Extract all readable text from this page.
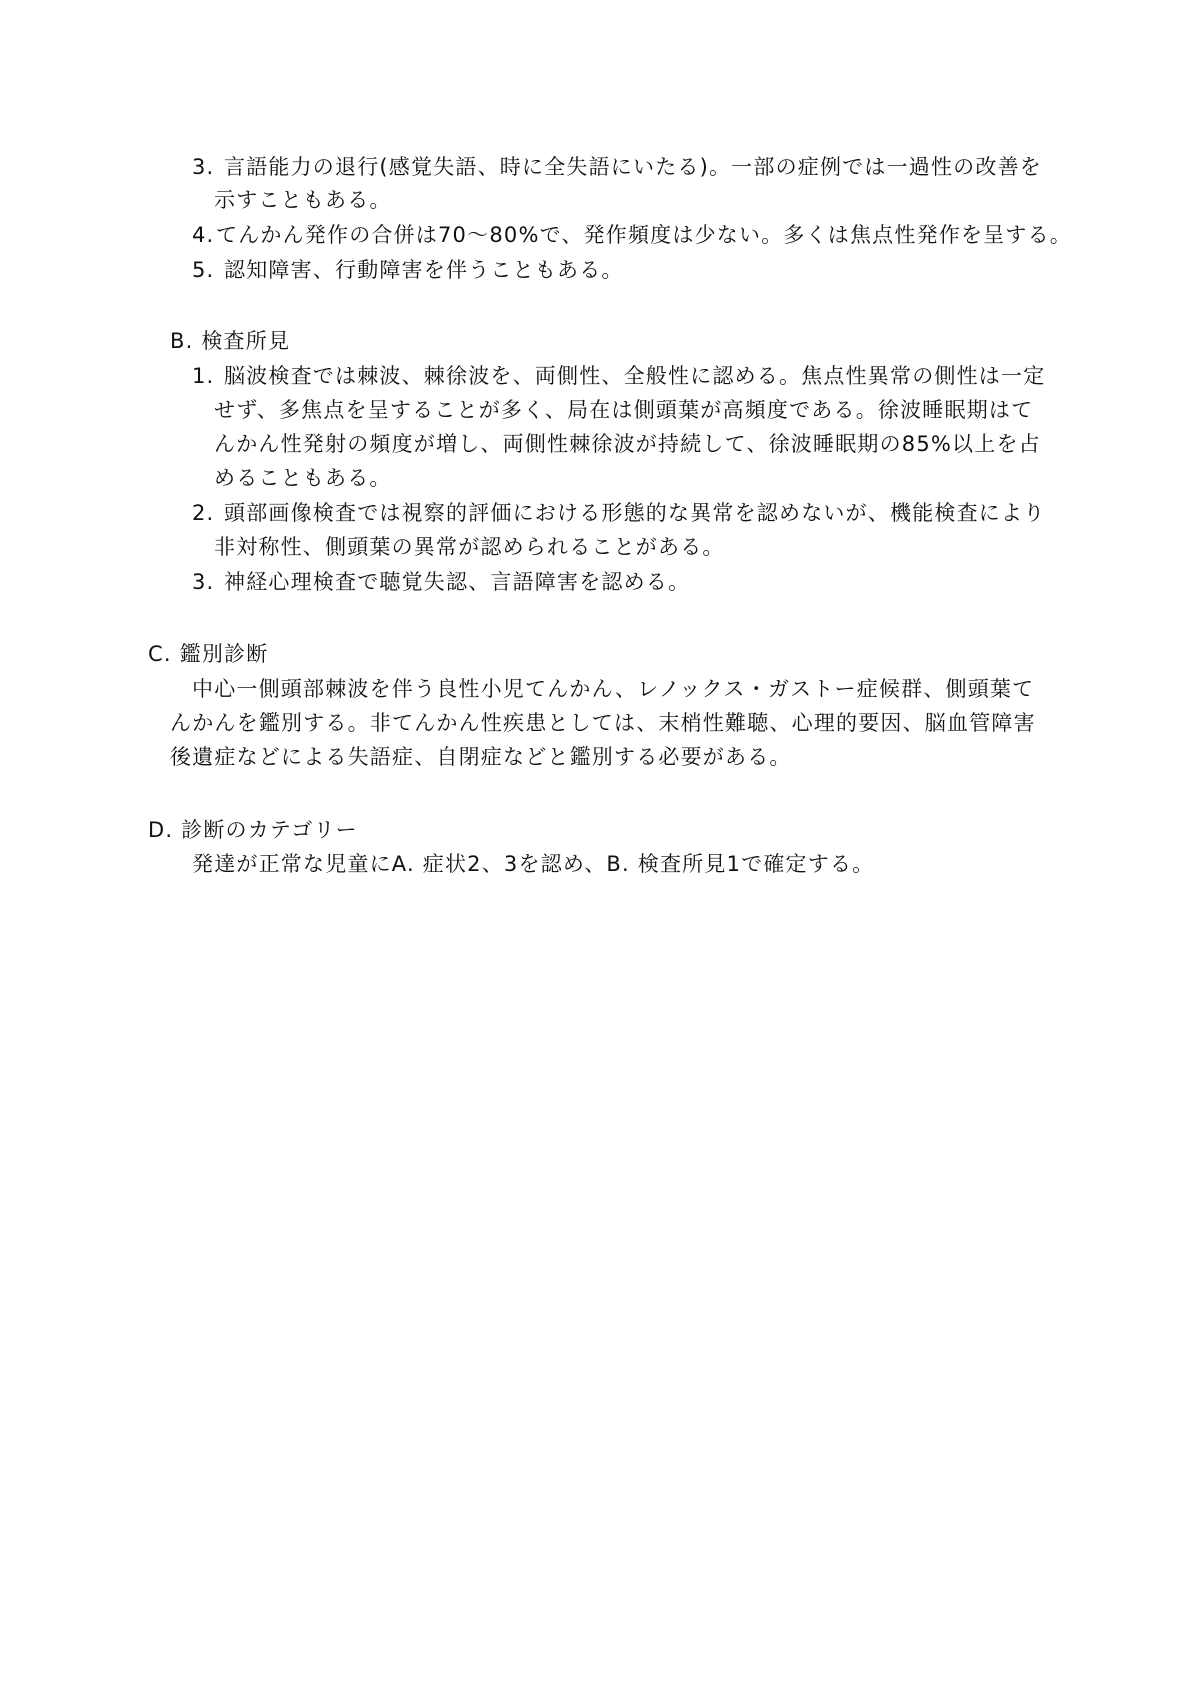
3. 言語能力の退行(感覚失語、時に全失語にいたる)。一部の症例では一過性の改善を
示すこともある。
4.てんかん発作の合併は70～80%で、発作頻度は少ない。多くは焦点性発作を呈する。
5. 認知障害、行動障害を伴うこともある。
B. 検査所見
1. 脳波検査では棘波、棘徐波を、両側性、全般性に認める。焦点性異常の側性は一定
せず、多焦点を呈することが多く、局在は側頭葉が高頻度である。徐波睡眠期はて
んかん性発射の頻度が増し、両側性棘徐波が持続して、徐波睡眠期の85%以上を占
めることもある。
2. 頭部画像検査では視察的評価における形態的な異常を認めないが、機能検査により
非対称性、側頭葉の異常が認められることがある。
3. 神経心理検査で聴覚失認、言語障害を認める。
C. 鑑別診断
中心一側頭部棘波を伴う良性小児てんかん、レノックス・ガストー症候群、側頭葉て
んかんを鑑別する。非てんかん性疾患としては、末梢性難聴、心理的要因、脳血管障害
後遺症などによる失語症、自閉症などと鑑別する必要がある。
D. 診断のカテゴリー
発達が正常な児童にA. 症状2、3を認め、B. 検査所見1で確定する。
